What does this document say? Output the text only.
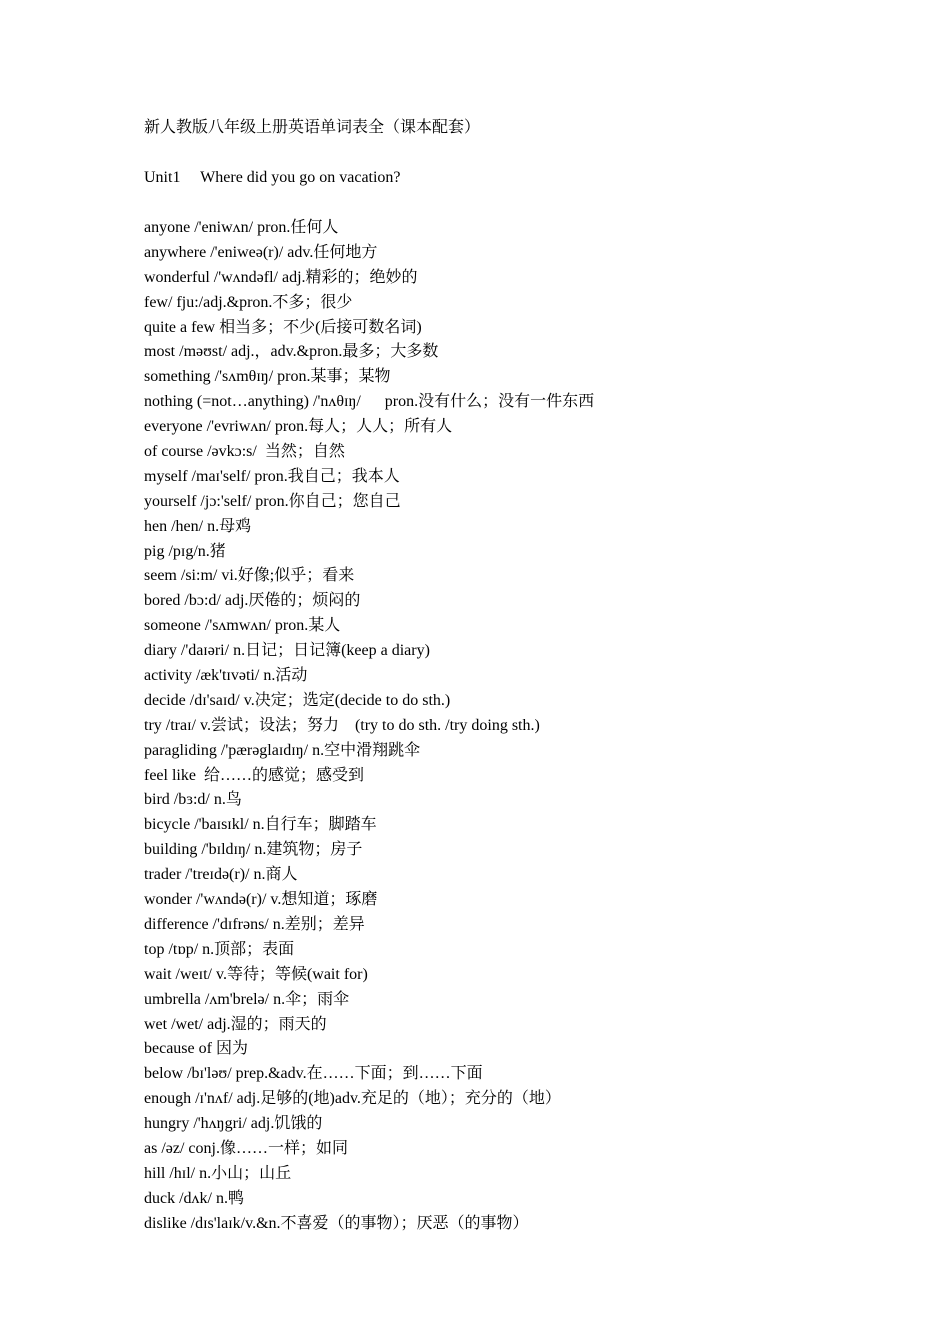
新人教版八年级上册英语单词表全（课本配套）
Unit1     Where did you go on vacation?
anyone /'eniwʌn/ pron.任何人
anywhere /'eniweə(r)/ adv.任何地方
wonderful /'wʌndəfl/ adj.精彩的；绝妙的
few/ fju:/adj.&pron.不多；很少
quite a few 相当多；不少(后接可数名词)
most /məʊst/ adj.，adv.&pron.最多；大多数
something /'sʌmθɪŋ/ pron.某事；某物
nothing (=not…anything) /'nʌθɪŋ/      pron.没有什么；没有一件东西
everyone /'evriwʌn/ pron.每人；人人；所有人
of course /əvkɔ:s/  当然；自然
myself /maɪ'self/ pron.我自己；我本人
yourself /jɔ:'self/ pron.你自己；您自己
hen /hen/ n.母鸡
pig /pɪg/n.猪
seem /si:m/ vi.好像;似乎；看来
bored /bɔ:d/ adj.厌倦的；烦闷的
someone /'sʌmwʌn/ pron.某人
diary /'daɪəri/ n.日记；日记簿(keep a diary)
activity /æk'tɪvəti/ n.活动
decide /dɪ'saɪd/ v.决定；选定(decide to do sth.)
try /traɪ/ v.尝试；设法；努力    (try to do sth. /try doing sth.)
paragliding /'pærəglaɪdɪŋ/ n.空中滑翔跳伞
feel like  给……的感觉；感受到
bird /bɜ:d/ n.鸟
bicycle /'baɪsɪkl/ n.自行车；脚踏车
building /'bɪldɪŋ/ n.建筑物；房子
trader /'treɪdə(r)/ n.商人
wonder /'wʌndə(r)/ v.想知道；琢磨
difference /'dɪfrəns/ n.差别；差异
top /tɒp/ n.顶部；表面
wait /weɪt/ v.等待；等候(wait for)
umbrella /ʌm'brelə/ n.伞；雨伞
wet /wet/ adj.湿的；雨天的
because of 因为
below /bɪ'ləʊ/ prep.&adv.在……下面；到……下面
enough /ɪ'nʌf/ adj.足够的(地)adv.充足的（地）；充分的（地）
hungry /'hʌŋgri/ adj.饥饿的
as /əz/ conj.像……一样；如同
hill /hɪl/ n.小山；山丘
duck /dʌk/ n.鸭
dislike /dɪs'laɪk/v.&n.不喜爱（的事物）；厌恶（的事物）
